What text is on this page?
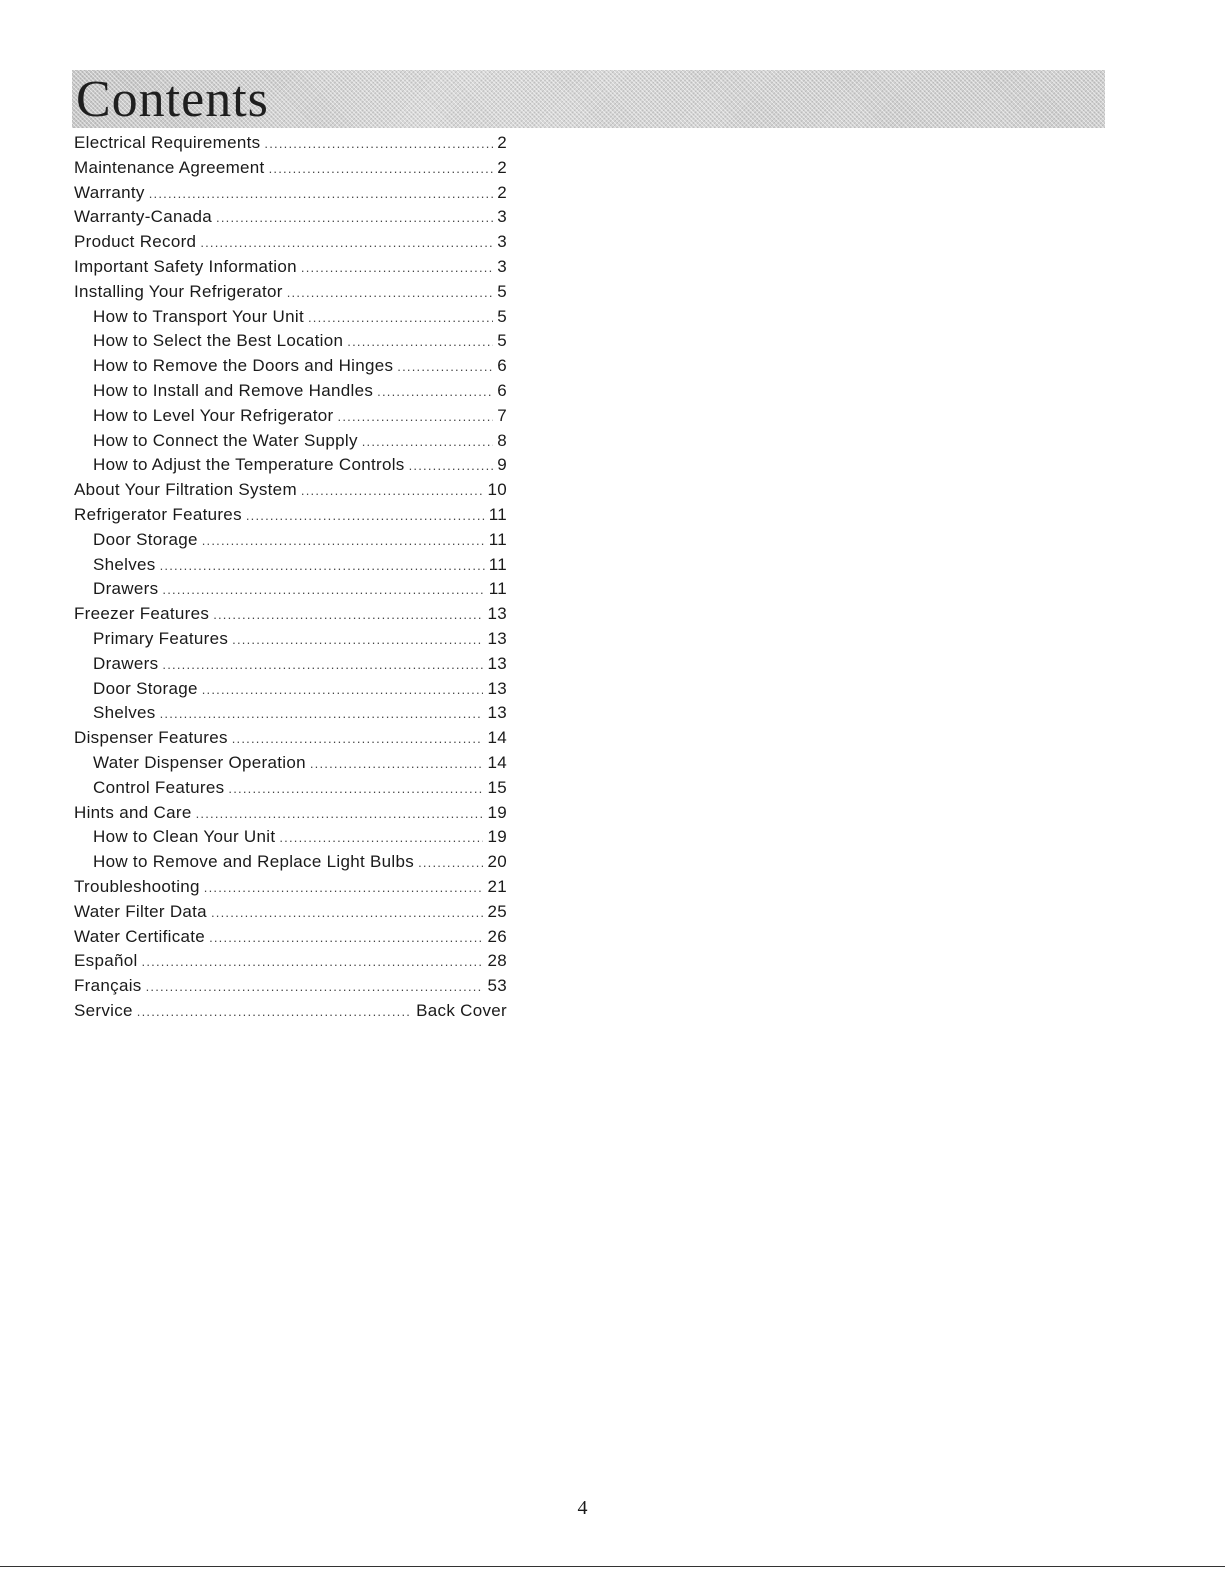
Contents
Electrical Requirements .....	2
Maintenance Agreement .....	2
Warranty .....	2
Warranty-Canada .....	3
Product Record .....	3
Important Safety Information .....	3
Installing Your Refrigerator .....	5
How to Transport Your Unit .....	5
How to Select the Best Location .....	5
How to Remove the Doors and Hinges .....	6
How to Install and Remove Handles .....	6
How to Level Your Refrigerator .....	7
How to Connect the Water Supply .....	8
How to Adjust the Temperature Controls .....	9
About Your Filtration System .....	10
Refrigerator Features .....	11
Door Storage .....	11
Shelves .....	11
Drawers .....	11
Freezer Features .....	13
Primary Features .....	13
Drawers .....	13
Door Storage .....	13
Shelves .....	13
Dispenser Features .....	14
Water Dispenser Operation .....	14
Control Features .....	15
Hints and Care .....	19
How to Clean Your Unit .....	19
How to Remove and Replace Light Bulbs .....	20
Troubleshooting .....	21
Water Filter Data .....	25
Water Certificate .....	26
Español .....	28
Français .....	53
Service .....	Back Cover
4
